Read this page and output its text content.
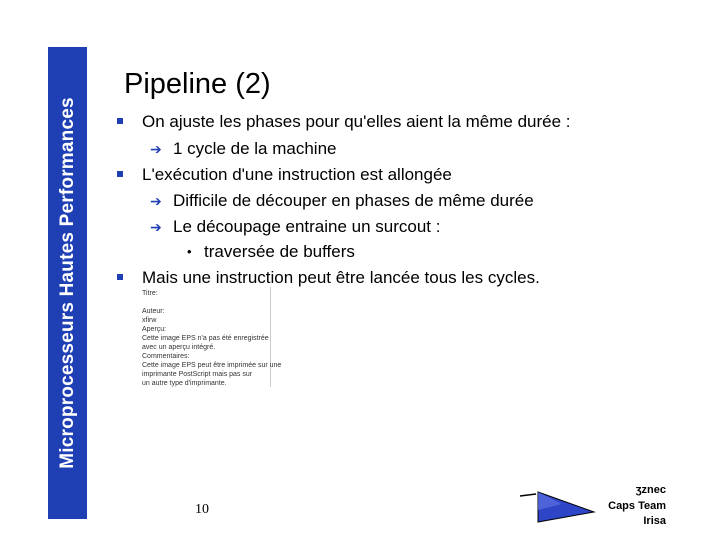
Microprocesseurs Hautes Performances
Pipeline (2)
On ajuste les phases pour qu'elles aient la même durée :
➔ 1 cycle de la machine
L'exécution d'une instruction est allongée
➔ Difficile de découper en phases de même durée
➔ Le découpage entraine un surcout :
• traversée de buffers
Mais une instruction peut être lancée tous les cycles.
Titre:

Auteur:
xfirw
Aperçu:
Cette image EPS n'a pas été enregistrée
avec un aperçu intégré.
Commentaires:
Cette image EPS peut être imprimée sur une
imprimante PostScript mais pas sur
un autre type d'imprimante.
10
ʒznec
Caps Team
Irisa
